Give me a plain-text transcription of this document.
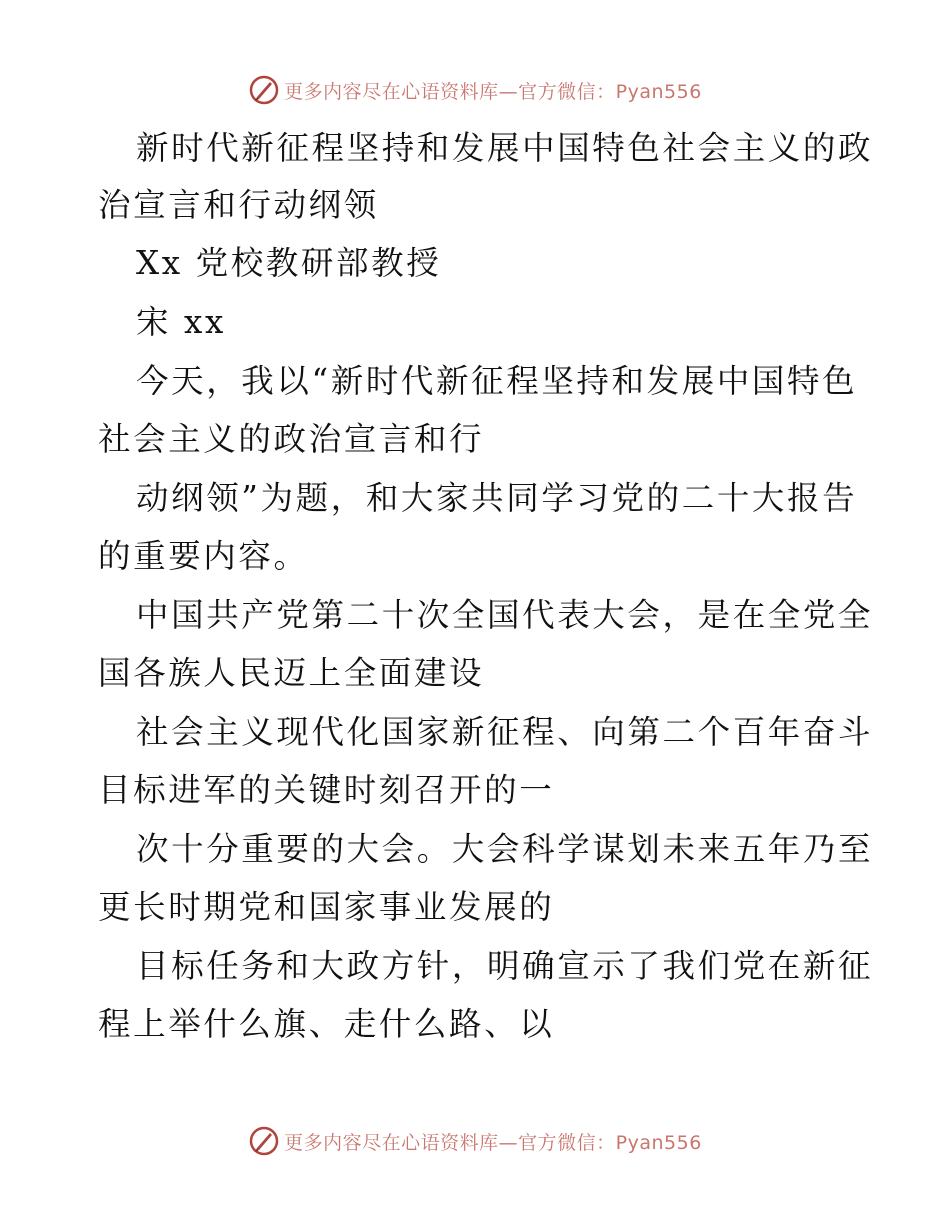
更多内容尽在心语资料库—官方微信：Pyan556
新时代新征程坚持和发展中国特色社会主义的政
治宣言和行动纲领
Xx 党校教研部教授
宋 xx
今天，我以“新时代新征程坚持和发展中国特色
社会主义的政治宣言和行
动纲领”为题，和大家共同学习党的二十大报告
的重要内容。
中国共产党第二十次全国代表大会，是在全党全
国各族人民迈上全面建设
社会主义现代化国家新征程、向第二个百年奋斗
目标进军的关键时刻召开的一
次十分重要的大会。大会科学谋划未来五年乃至
更长时期党和国家事业发展的
目标任务和大政方针，明确宣示了我们党在新征
程上举什么旗、走什么路、以
更多内容尽在心语资料库—官方微信：Pyan556
